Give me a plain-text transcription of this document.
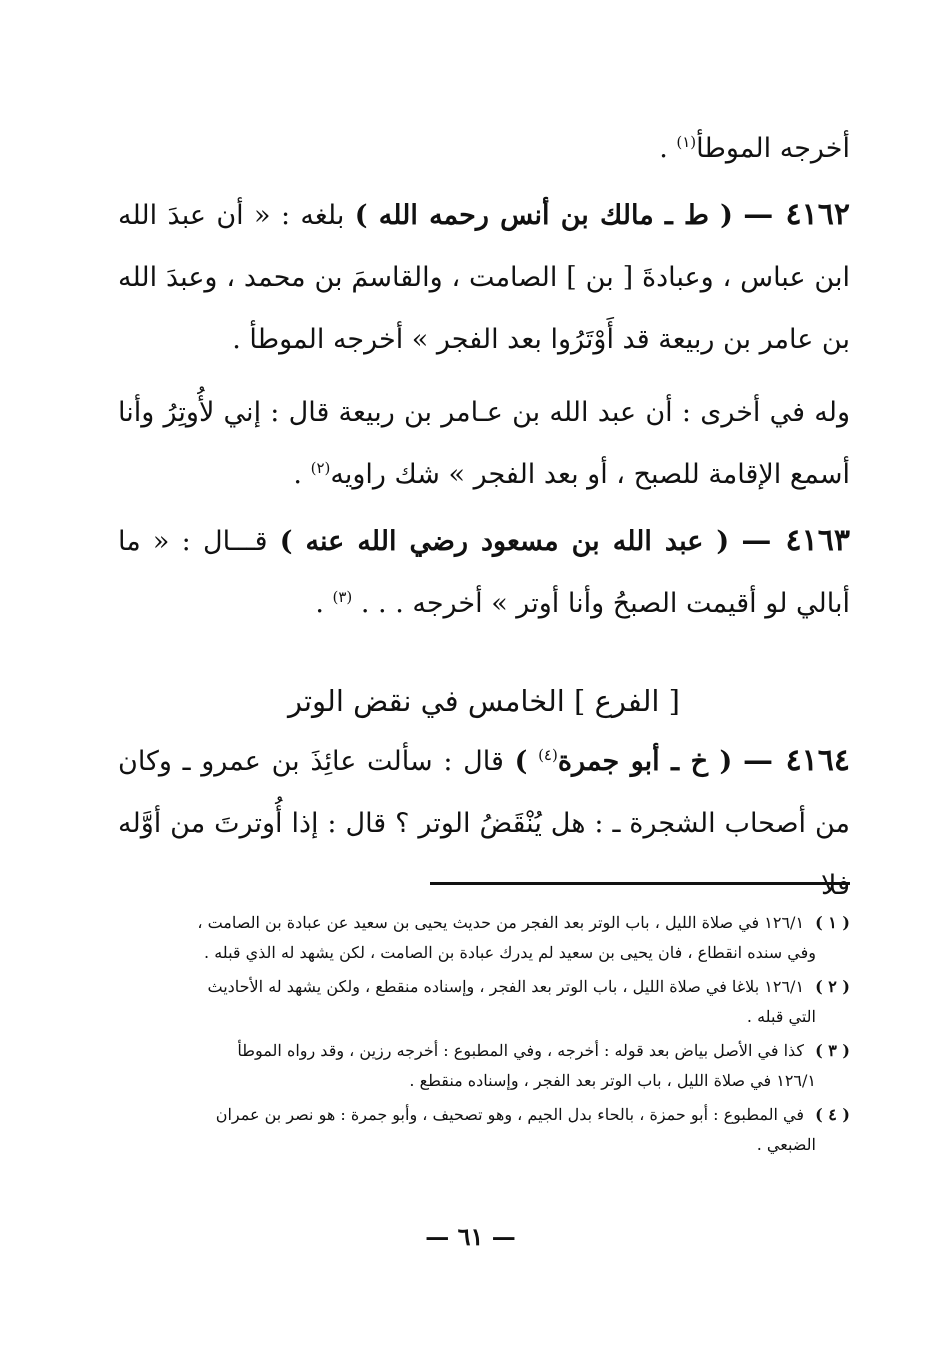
أخرجه الموطأ$^{(١)}$ .
٤١٦٢ — ( ط ـ مالك بن أنس رحمه الله ) بلغه : « أن عبدَ الله ابن عباس ، وعبادةَ [ بن ] الصامت ، والقاسمَ بن محمد ، وعبدَ الله بن عامر بن ربيعة قد أَوْتَرُوا بعد الفجر » أخرجه الموطأ .
وله في أخرى : أن عبد الله بن عـامر بن ربيعة قال : إني لأُوتِرُ وأنا أسمع الإقامة للصبح ، أو بعد الفجر » شك راويه$^{(٢)}$ .
٤١٦٣ — ( عبد الله بن مسعود رضي الله عنه ) قـــال : « ما أبالي لو أقيمت الصبحُ وأنا أوتر » أخرجه . . . $^{(٣)}$ .
[ الفرع ] الخامس في نقض الوتر
٤١٦٤ — ( خ ـ أبو جمرة$^{(٤)}$ ) قال : سألت عائِذَ بن عمرو ـ وكان من أصحاب الشجرة ـ : هل يُنْقَضُ الوتر ؟ قال : إذا أُوترتَ من أوَّله فلا
( ١ ) ١٢٦/١ في صلاة الليل ، باب الوتر بعد الفجر من حديث يحيى بن سعيد عن عبادة بن الصامت ،
وفي سنده انقطاع ، فان يحيى بن سعيد لم يدرك عبادة بن الصامت ، لكن يشهد له الذي قبله .
( ٢ ) ١٢٦/١ بلاغا في صلاة الليل ، باب الوتر بعد الفجر ، وإسناده منقطع ، ولكن يشهد له الأحاديث
التي قبله .
( ٣ ) كذا في الأصل بياض بعد قوله : أخرجه ، وفي المطبوع : أخرجه رزين ، وقد رواه الموطأ
١٢٦/١ في صلاة الليل ، باب الوتر بعد الفجر ، وإسناده منقطع .
( ٤ ) في المطبوع : أبو حمزة ، بالحاء بدل الجيم ، وهو تصحيف ، وأبو جمرة : هو نصر بن عمران
الضبعي .
— ٦١ —
